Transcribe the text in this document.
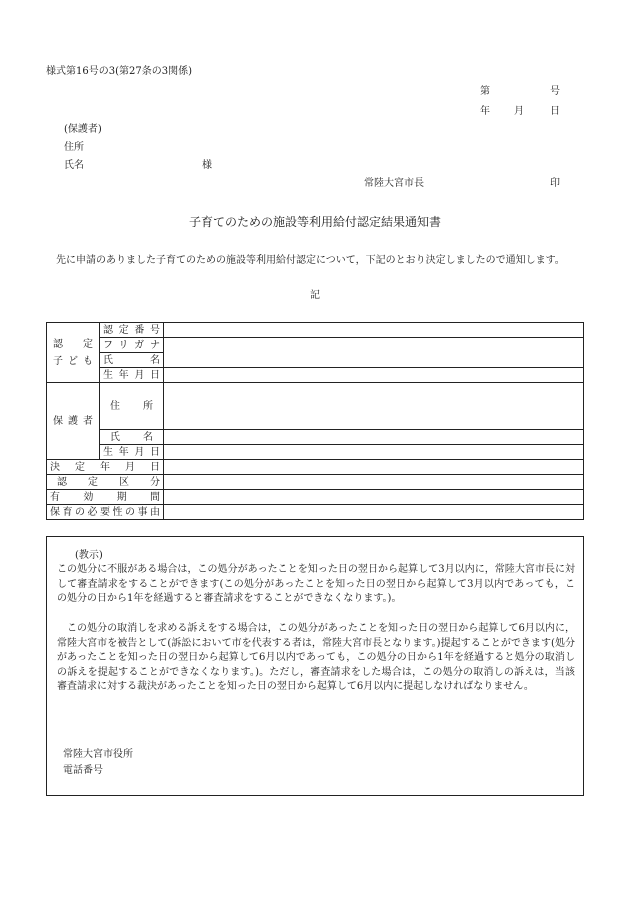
様式第16号の3(第27条の3関係)
第	号
年 月	日
(保護者)
住所
氏名	様
常陸大宮市長	印
子育てのための施設等利用給付認定結果通知書
先に申請のありました子育てのための施設等利用給付認定について，下記のとおり決定しましたので通知します。
記
認 定
子ども	認定番号	
	フリガナ	
	氏名	
	生年月日	
保護者	住所	
	氏名	
	生年月日	
決定年月日		
認定区分		
有効期間		
保育の必要性の事由		
(教示)

この処分に不服がある場合は，この処分があったことを知った日の翌日から起算して3月以内に，常陸大宮市長に対して審査請求をすることができます(この処分があったことを知った日の翌日から起算して3月以内であっても，この処分の日から1年を経過すると審査請求をすることができなくなります。)。

この処分の取消しを求める訴えをする場合は，この処分があったことを知った日の翌日から起算して6月以内に，常陸大宮市を被告として(訴訟において市を代表する者は，常陸大宮市長となります。)提起することができます(処分があったことを知った日の翌日から起算して6月以内であっても，この処分の日から1年を経過すると処分の取消しの訴えを提起することができなくなります。)。ただし，審査請求をした場合は，この処分の取消しの訴えは，当該審査請求に対する裁決があったことを知った日の翌日から起算して6月以内に提起しなければなりません。

常陸大宮市役所
電話番号
